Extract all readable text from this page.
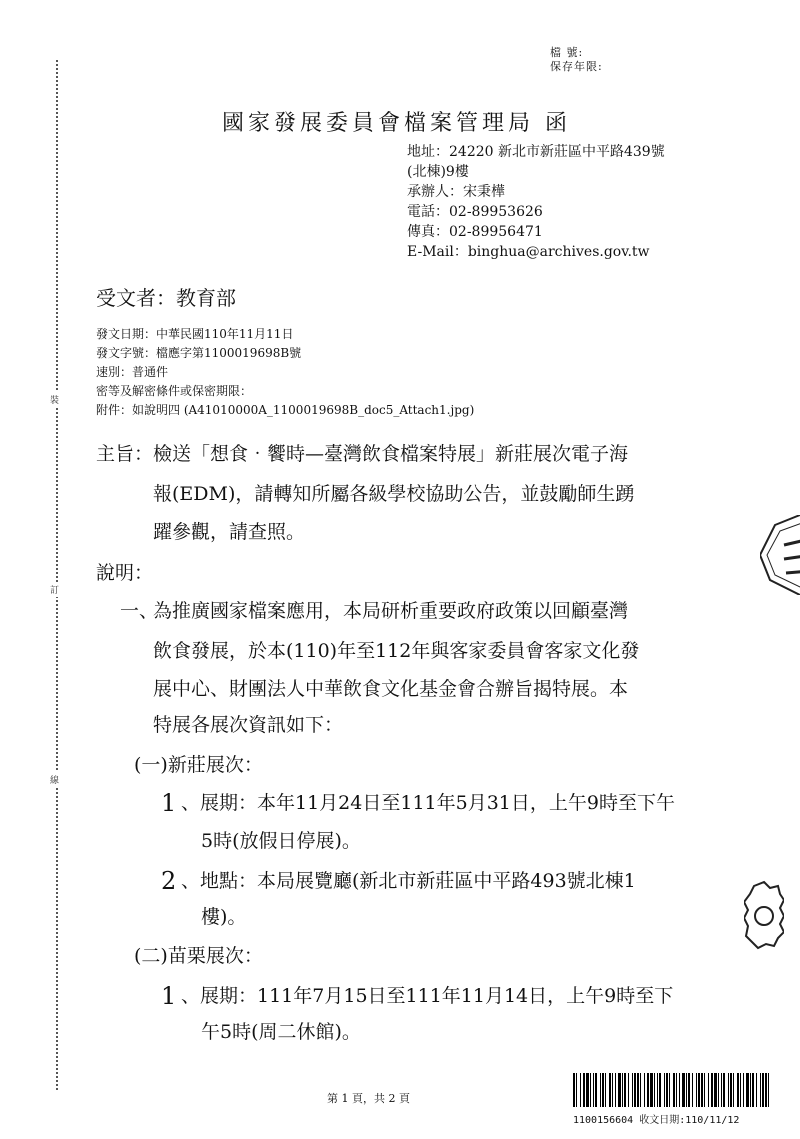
裝
訂
線
檔 號:
保存年限:
國家發展委員會檔案管理局 函
地址：24220 新北市新莊區中平路439號
(北棟)9樓
承辦人：宋秉樺
電話：02-89953626
傳真：02-89956471
E-Mail：binghua@archives.gov.tw
受文者：教育部
發文日期：中華民國110年11月11日
發文字號：檔應字第1100019698B號
速別：普通件
密等及解密條件或保密期限：
附件：如說明四 (A41010000A_1100019698B_doc5_Attach1.jpg)
主旨： 檢送「想食‧饗時—臺灣飲食檔案特展」新莊展次電子海
報(EDM)，請轉知所屬各級學校協助公告，並鼓勵師生踴
躍參觀，請查照。
說明：
一、
為推廣國家檔案應用，本局研析重要政府政策以回顧臺灣
飲食發展，於本(110)年至112年與客家委員會客家文化發
展中心、財團法人中華飲食文化基金會合辦旨揭特展。本
特展各展次資訊如下：
(一)新莊展次：
1 、展期：本年11月24日至111年5月31日，上午9時至下午
5時(放假日停展)。
2 、地點：本局展覽廳(新北市新莊區中平路493號北棟1
樓)。
(二)苗栗展次：
1 、展期：111年7月15日至111年11月14日，上午9時至下
午5時(周二休館)。
第 1 頁，共 2 頁
1100156604 收文日期:110/11/12
